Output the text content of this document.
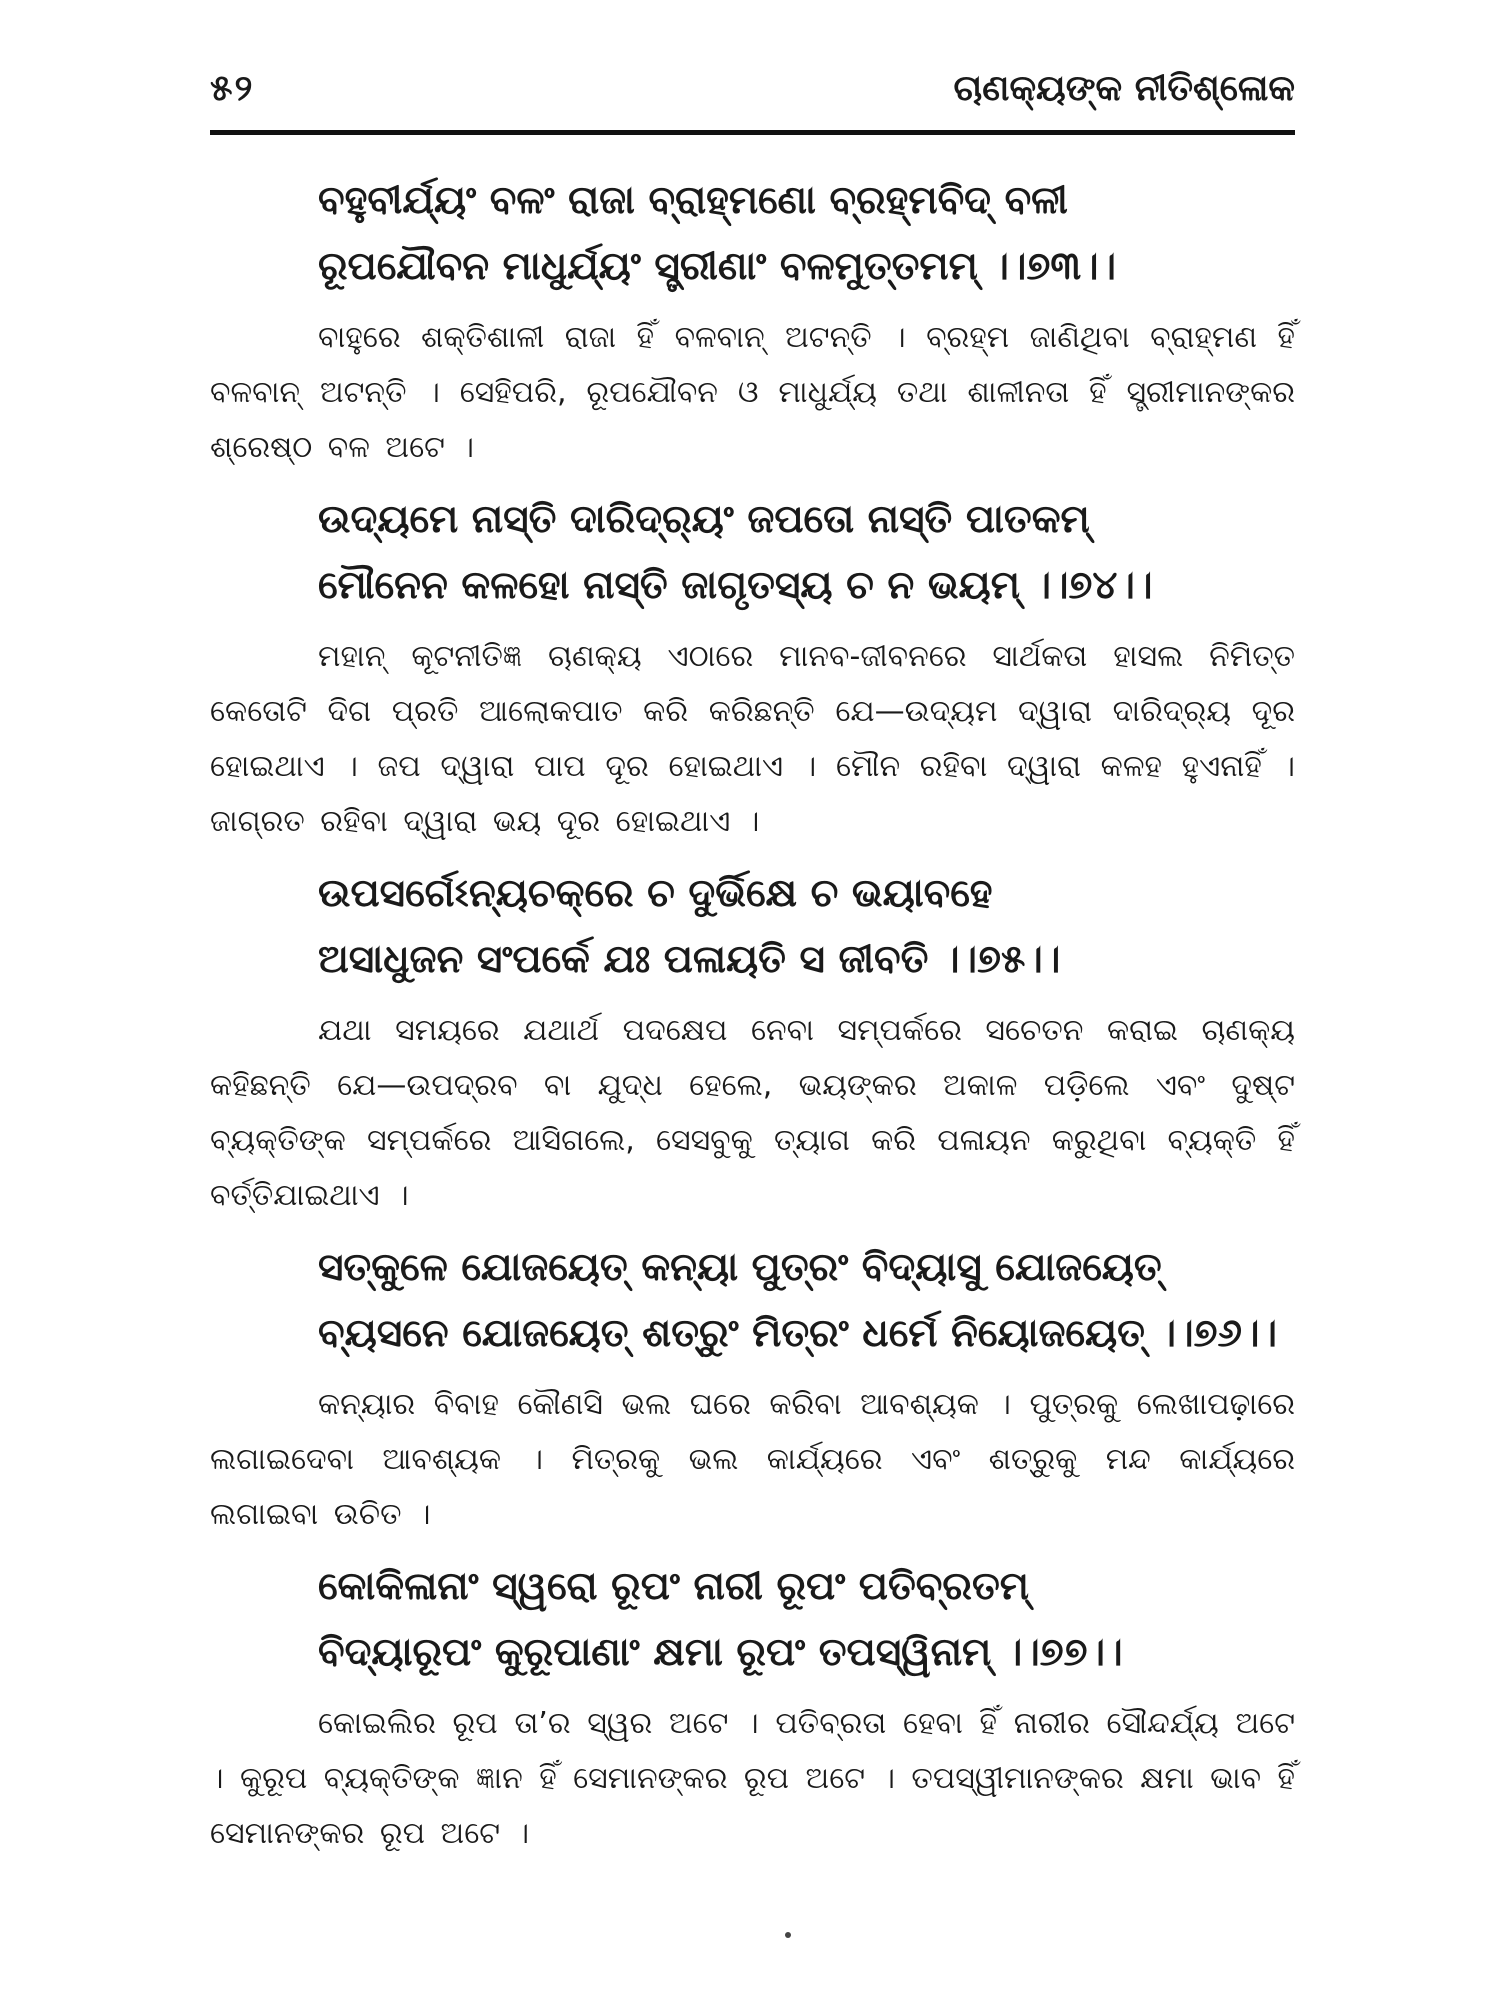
୫୨	ଚାଣକ୍ୟଙ୍କ ନୀତିଶ୍ଳୋକ
ବହୁବୀର୍ଯ୍ୟଂ ବଳଂ ରାଜା ବ୍ରାହ୍ମଣୋ ବ୍ରହ୍ମବିଦ୍ ବଳୀ
ରୂପଯୌବନ ମାଧୁର୍ଯ୍ୟଂ ସ୍ତ୍ରୀଣାଂ ବଳମୁତ୍ତମମ୍ ।।୭୩।।

ବାହୁରେ ଶକ୍ତିଶାଳୀ ରାଜା ହିଁ ବଳବାନ୍ ଅଟନ୍ତି । ବ୍ରହ୍ମ ଜାଣିଥିବା ବ୍ରାହ୍ମଣ ହିଁ ବଳବାନ୍ ଅଟନ୍ତି । ସେହିପରି, ରୂପଯୌବନ ଓ ମାଧୁର୍ଯ୍ୟ ତଥା ଶାଳୀନତା ହିଁ ସ୍ତ୍ରୀମାନଙ୍କର ଶ୍ରେଷ୍ଠ ବଳ ଅଟେ ।

ଉଦ୍ୟମେ ନାସ୍ତି ଦାରିଦ୍ର୍ୟଂ ଜପତୋ ନାସ୍ତି ପାତକମ୍
ମୌନେନ କଳହୋ ନାସ୍ତି ଜାଗୃତସ୍ୟ ଚ ନ ଭୟମ୍ ।।୭୪।।

ମହାନ୍ କୂଟନୀତିଜ୍ଞ ଚାଣକ୍ୟ ଏଠାରେ ମାନବ-ଜୀବନରେ ସାର୍ଥକତା ହାସଲ ନିମିତ୍ତ କେତୋଟି ଦିଗ ପ୍ରତି ଆଲୋକପାତ କରି କରିଛନ୍ତି ଯେ—ଉଦ୍ୟମ ଦ୍ୱାରା ଦାରିଦ୍ର୍ୟ ଦୂର ହୋଇଥାଏ । ଜପ ଦ୍ୱାରା ପାପ ଦୂର ହୋଇଥାଏ । ମୌନ ରହିବା ଦ୍ୱାରା କଳହ ହୁଏନାହିଁ । ଜାଗ୍ରତ ରହିବା ଦ୍ୱାରା ଭୟ ଦୂର ହୋଇଥାଏ ।

ଉପସର୍ଗେଽନ୍ୟଚକ୍ରେ ଚ ଦୁର୍ଭିକ୍ଷେ ଚ ଭୟାବହେ
ଅସାଧୁଜନ ସଂପର୍କେ ଯଃ ପଳାୟତି ସ ଜୀବତି ।।୭୫।।

ଯଥା ସମୟରେ ଯଥାର୍ଥ ପଦକ୍ଷେପ ନେବା ସମ୍ପର୍କରେ ସଚେତନ କରାଇ ଚାଣକ୍ୟ କହିଛନ୍ତି ଯେ—ଉପଦ୍ରବ ବା ଯୁଦ୍ଧ ହେଲେ, ଭୟଙ୍କର ଅକାଳ ପଡ଼ିଲେ ଏବଂ ଦୁଷ୍ଟ ବ୍ୟକ୍ତିଙ୍କ ସମ୍ପର୍କରେ ଆସିଗଲେ, ସେସବୁକୁ ତ୍ୟାଗ କରି ପଳାୟନ କରୁଥିବା ବ୍ୟକ୍ତି ହିଁ ବର୍ତ୍ତିଯାଇଥାଏ ।

ସତ୍କୁଳେ ଯୋଜୟେତ୍ କନ୍ୟା ପୁତ୍ରଂ ବିଦ୍ୟାସୁ ଯୋଜୟେତ୍
ବ୍ୟସନେ ଯୋଜୟେତ୍ ଶତ୍ରୁଂ ମିତ୍ରଂ ଧର୍ମେ ନିୟୋଜୟେତ୍ ।।୭୬।।

କନ୍ୟାର ବିବାହ କୌଣସି ଭଲ ଘରେ କରିବା ଆବଶ୍ୟକ । ପୁତ୍ରକୁ ଲେଖାପଢ଼ାରେ ଲଗାଇଦେବା ଆବଶ୍ୟକ । ମିତ୍ରକୁ ଭଲ କାର୍ଯ୍ୟରେ ଏବଂ ଶତ୍ରୁକୁ ମନ୍ଦ କାର୍ଯ୍ୟରେ ଲଗାଇବା ଉଚିତ ।

କୋକିଳାନାଂ ସ୍ୱରୋ ରୂପଂ ନାରୀ ରୂପଂ ପତିବ୍ରତମ୍
ବିଦ୍ୟାରୂପଂ କୁରୂପାଣାଂ କ୍ଷମା ରୂପଂ ତପସ୍ୱିନାମ୍ ।।୭୭।।

କୋଇଲିର ରୂପ ତା’ର ସ୍ୱର ଅଟେ । ପତିବ୍ରତା ହେବା ହିଁ ନାରୀର ସୌନ୍ଦର୍ଯ୍ୟ ଅଟେ । କୁରୂପ ବ୍ୟକ୍ତିଙ୍କ ଜ୍ଞାନ ହିଁ ସେମାନଙ୍କର ରୂପ ଅଟେ । ତପସ୍ୱୀମାନଙ୍କର କ୍ଷମା ଭାବ ହିଁ ସେମାନଙ୍କର ରୂପ ଅଟେ ।
